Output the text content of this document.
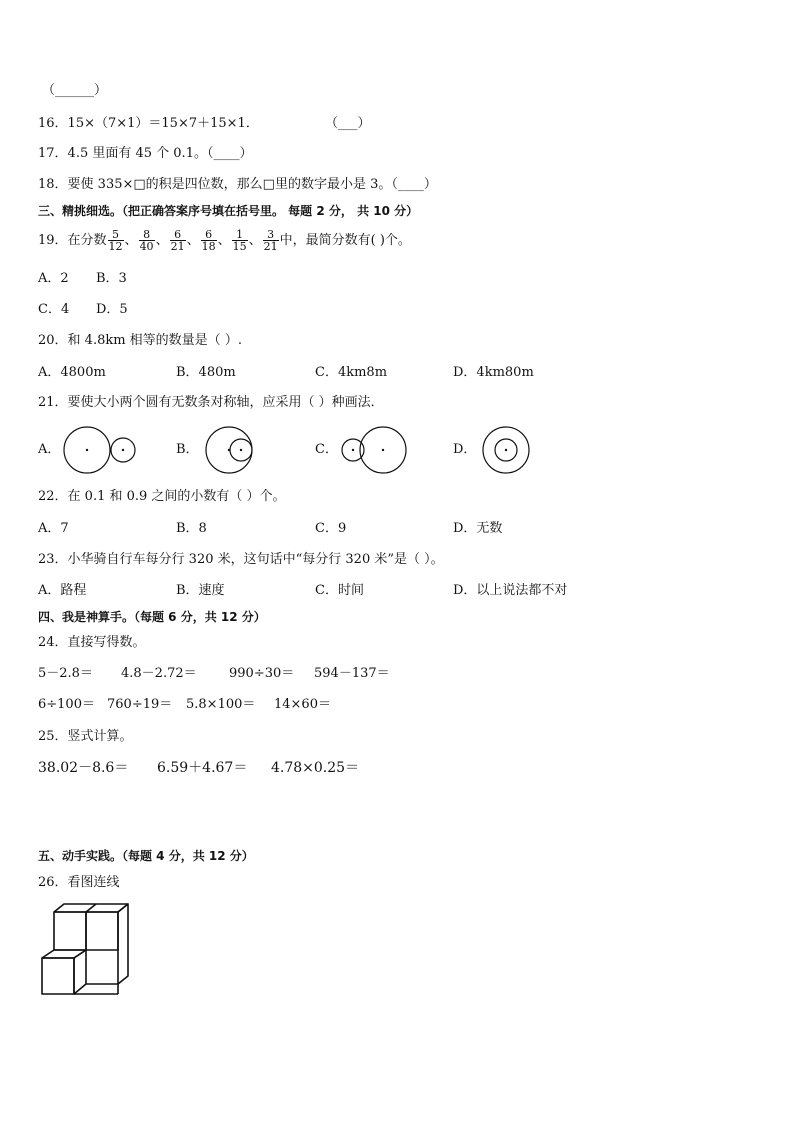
（______）
16．15×（7×1）＝15×7＋15×1．	（___）
17．4.5 里面有 45 个 0.1。（____）
18．要使 335×□的积是四位数，那么□里的数字最小是 3。（____）
三、精挑细选。（把正确答案序号填在括号里。 每题 2 分， 共 10 分）
19．在分数 $\frac{5}{12}$ 、 $\frac{8}{40}$ 、 $\frac{6}{21}$ 、 $\frac{6}{18}$ 、 $\frac{1}{15}$ 、 $\frac{3}{21}$ 中，最简分数有( )个。
A．2 B．3
C．4 D．5
20．和 4.8km 相等的数量是（ ）.
A．4800m	B．480m	C．4km8m	D．4km80m
21．要使大小两个圆有无数条对称轴，应采用（ ）种画法．
A．	B．	C．	D．
22．在 0.1 和 0.9 之间的小数有（ ）个。
A．7	B．8	C．9	D．无数
23．小华骑自行车每分行 320 米，这句话中“每分行 320 米”是（ ）。
A．路程	B．速度	C．时间	D．以上说法都不对
四、我是神算手。（每题 6 分，共 12 分）
24．直接写得数。
5－2.8＝ 4.8－2.72＝ 990÷30＝ 594－137＝
6÷100＝ 760÷19＝ 5.8×100＝ 14×60＝
25．竖式计算。
38.02－8.6＝ 6.59＋4.67＝ 4.78×0.25＝
五、动手实践。（每题 4 分，共 12 分）
26．看图连线
